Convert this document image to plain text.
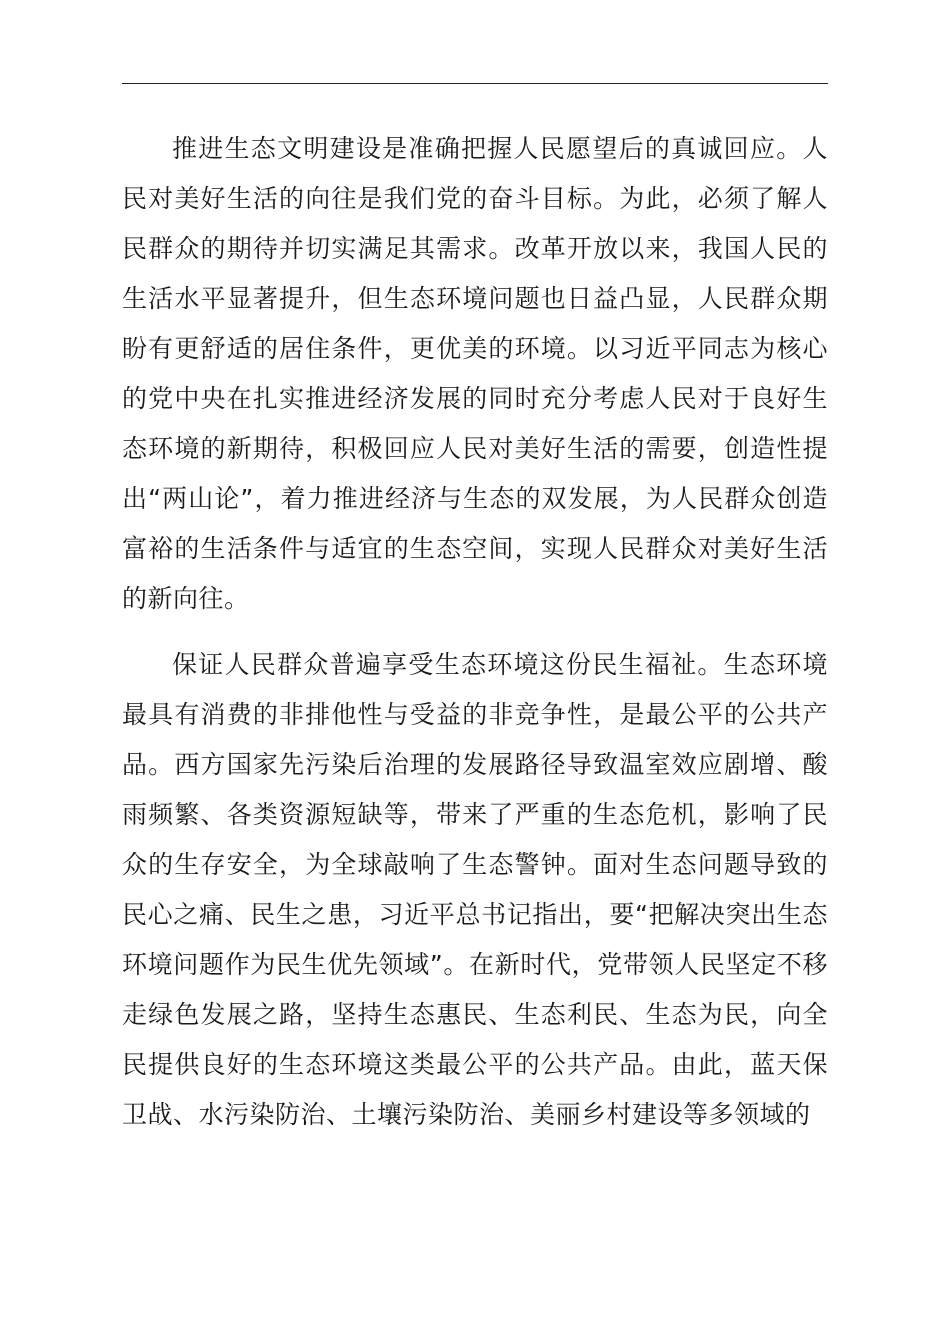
推进生态文明建设是准确把握人民愿望后的真诚回应。人民对美好生活的向往是我们党的奋斗目标。为此，必须了解人民群众的期待并切实满足其需求。改革开放以来，我国人民的生活水平显著提升，但生态环境问题也日益凸显，人民群众期盼有更舒适的居住条件，更优美的环境。以习近平同志为核心的党中央在扎实推进经济发展的同时充分考虑人民对于良好生态环境的新期待，积极回应人民对美好生活的需要，创造性提出“两山论”，着力推进经济与生态的双发展，为人民群众创造富裕的生活条件与适宜的生态空间，实现人民群众对美好生活的新向往。

保证人民群众普遍享受生态环境这份民生福祉。生态环境最具有消费的非排他性与受益的非竞争性，是最公平的公共产品。西方国家先污染后治理的发展路径导致温室效应剧增、酸雨频繁、各类资源短缺等，带来了严重的生态危机，影响了民众的生存安全，为全球敲响了生态警钟。面对生态问题导致的民心之痛、民生之患，习近平总书记指出，要“把解决突出生态环境问题作为民生优先领域”。在新时代，党带领人民坚定不移走绿色发展之路，坚持生态惠民、生态利民、生态为民，向全民提供良好的生态环境这类最公平的公共产品。由此，蓝天保卫战、水污染防治、土壤污染防治、美丽乡村建设等多领域的
